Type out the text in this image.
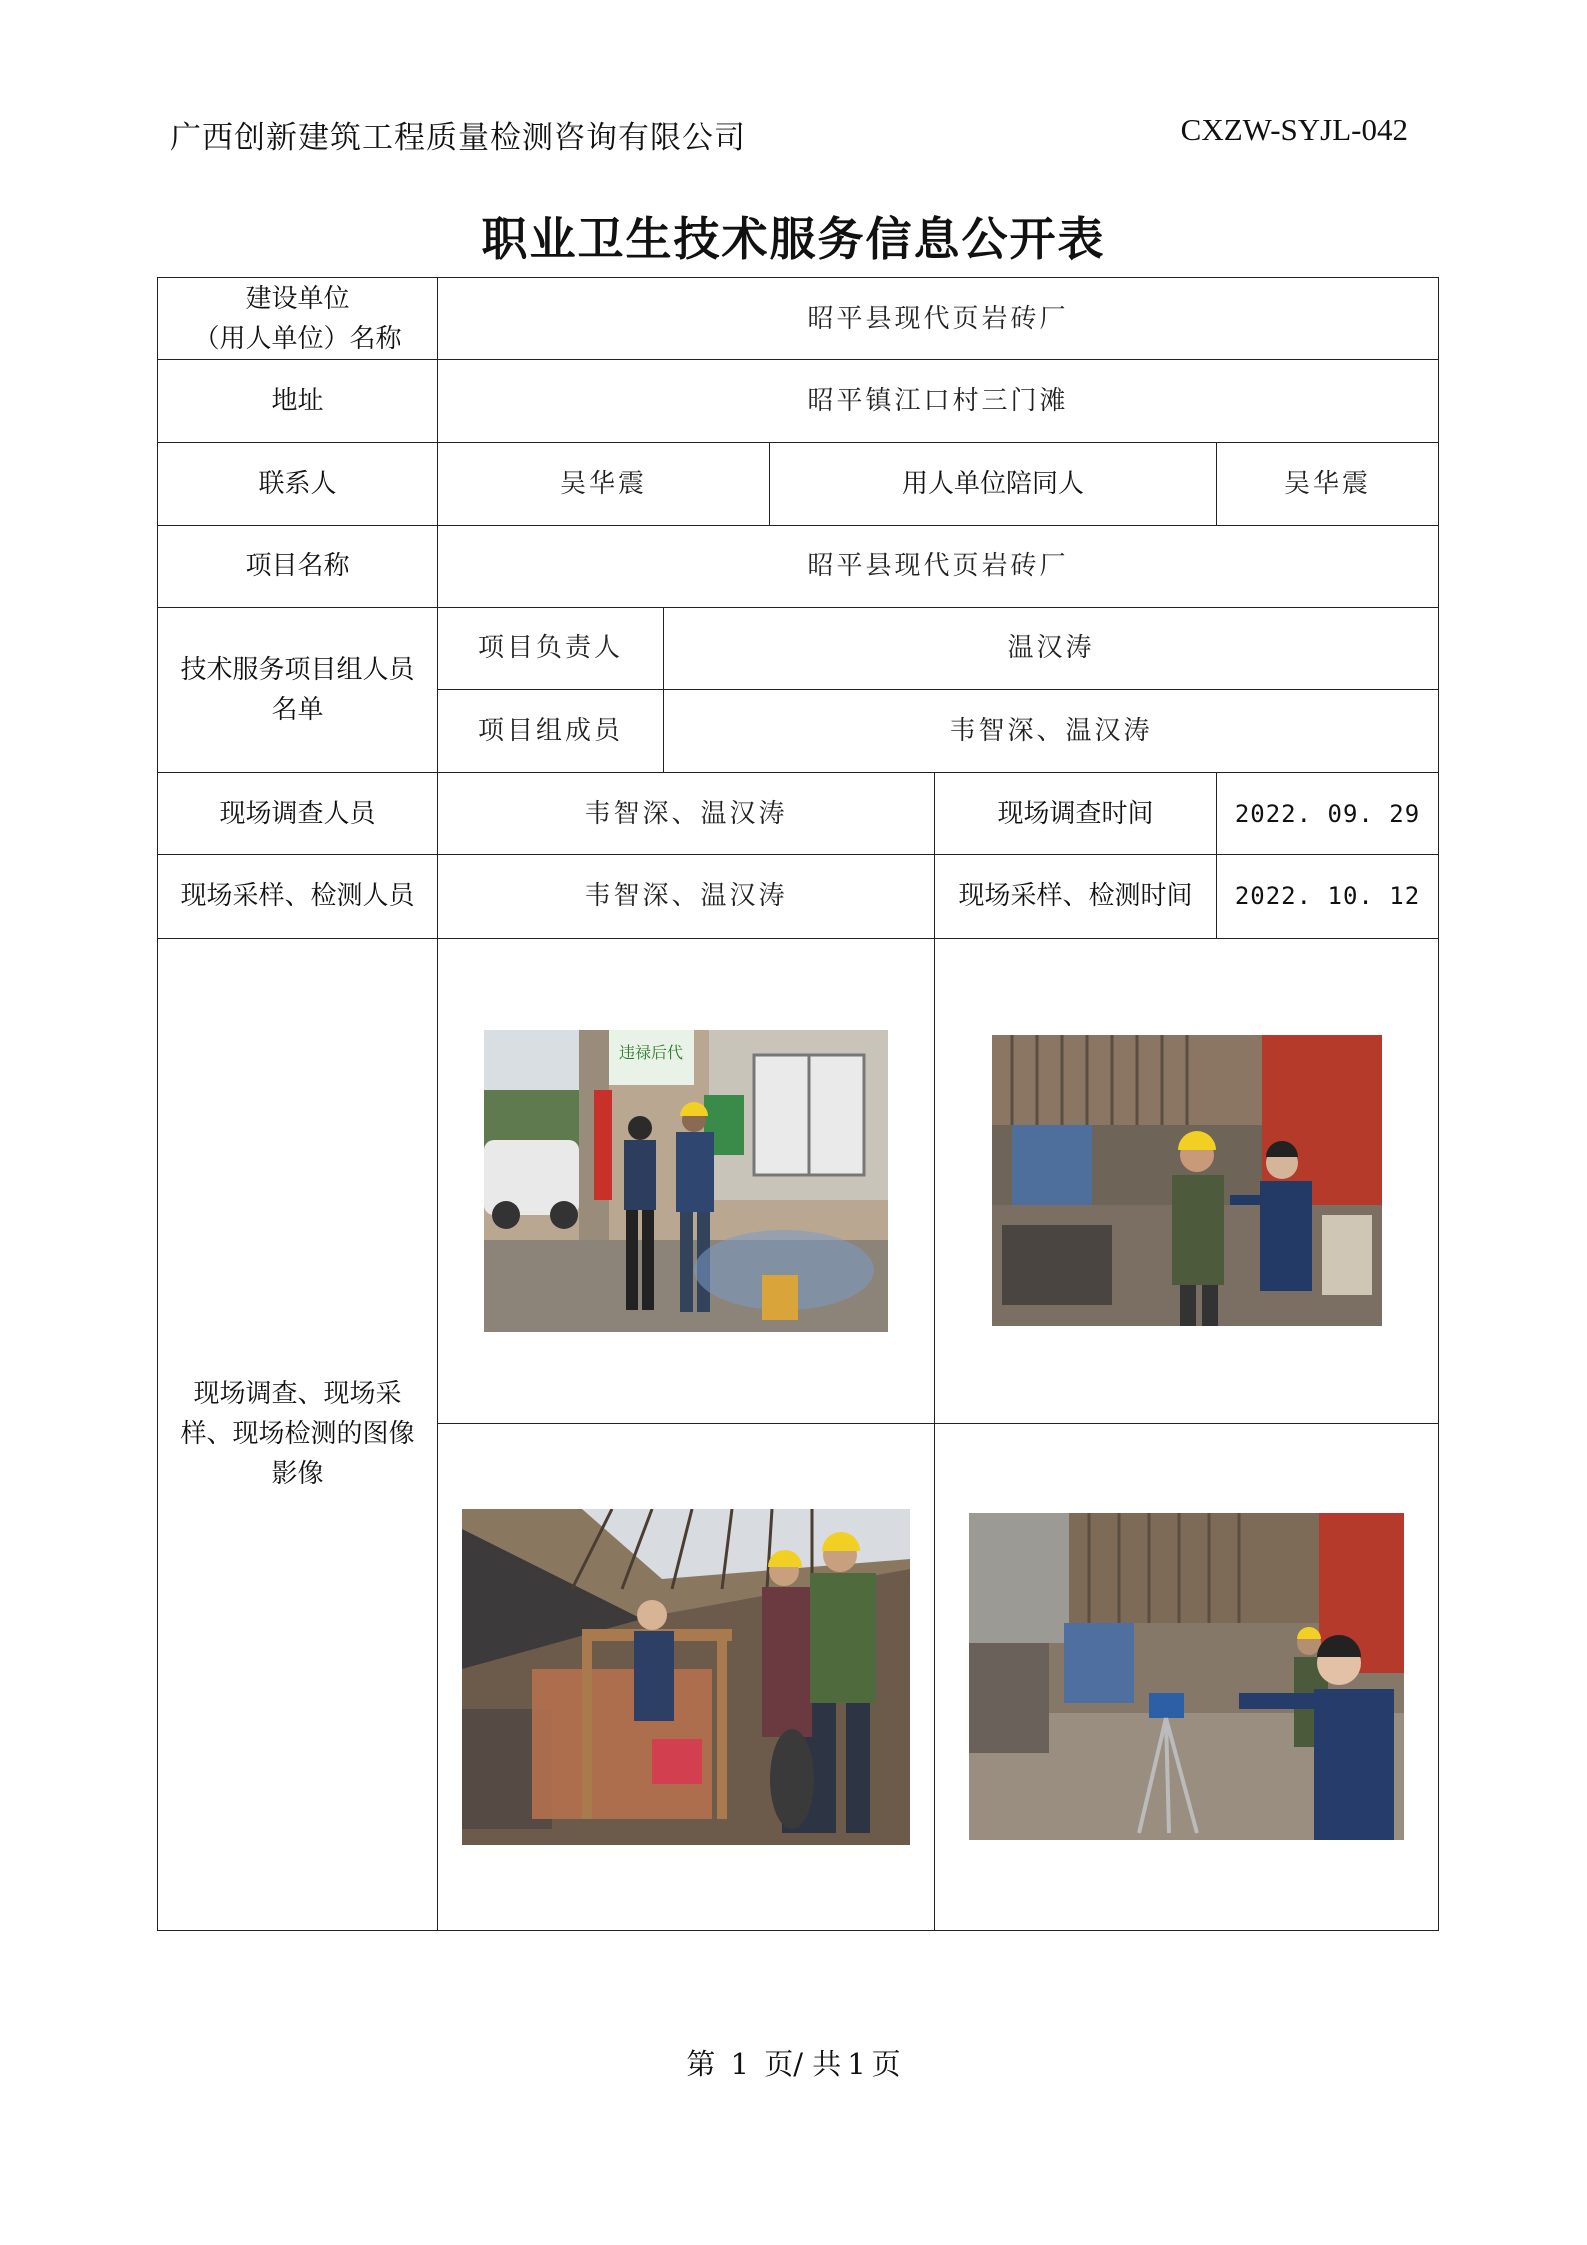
广西创新建筑工程质量检测咨询有限公司	CXZW-SYJL-042
职业卫生技术服务信息公开表
建设单位
（用人单位）名称	昭平县现代页岩砖厂				
地址	昭平镇江口村三门滩				
联系人	吴华震		用人单位陪同人		吴华震
项目名称	昭平县现代页岩砖厂				
技术服务项目组人员名单	项目负责人	温汉涛			
	项目组成员	韦智深、温汉涛			
现场调查人员	韦智深、温汉涛			现场调查时间	2022. 09. 29
现场采样、检测人员	韦智深、温汉涛			现场采样、检测时间	2022. 10. 12
现场调查、现场采样、现场检测的图像影像	违禄后代

第 1 页/ 共 1 页
